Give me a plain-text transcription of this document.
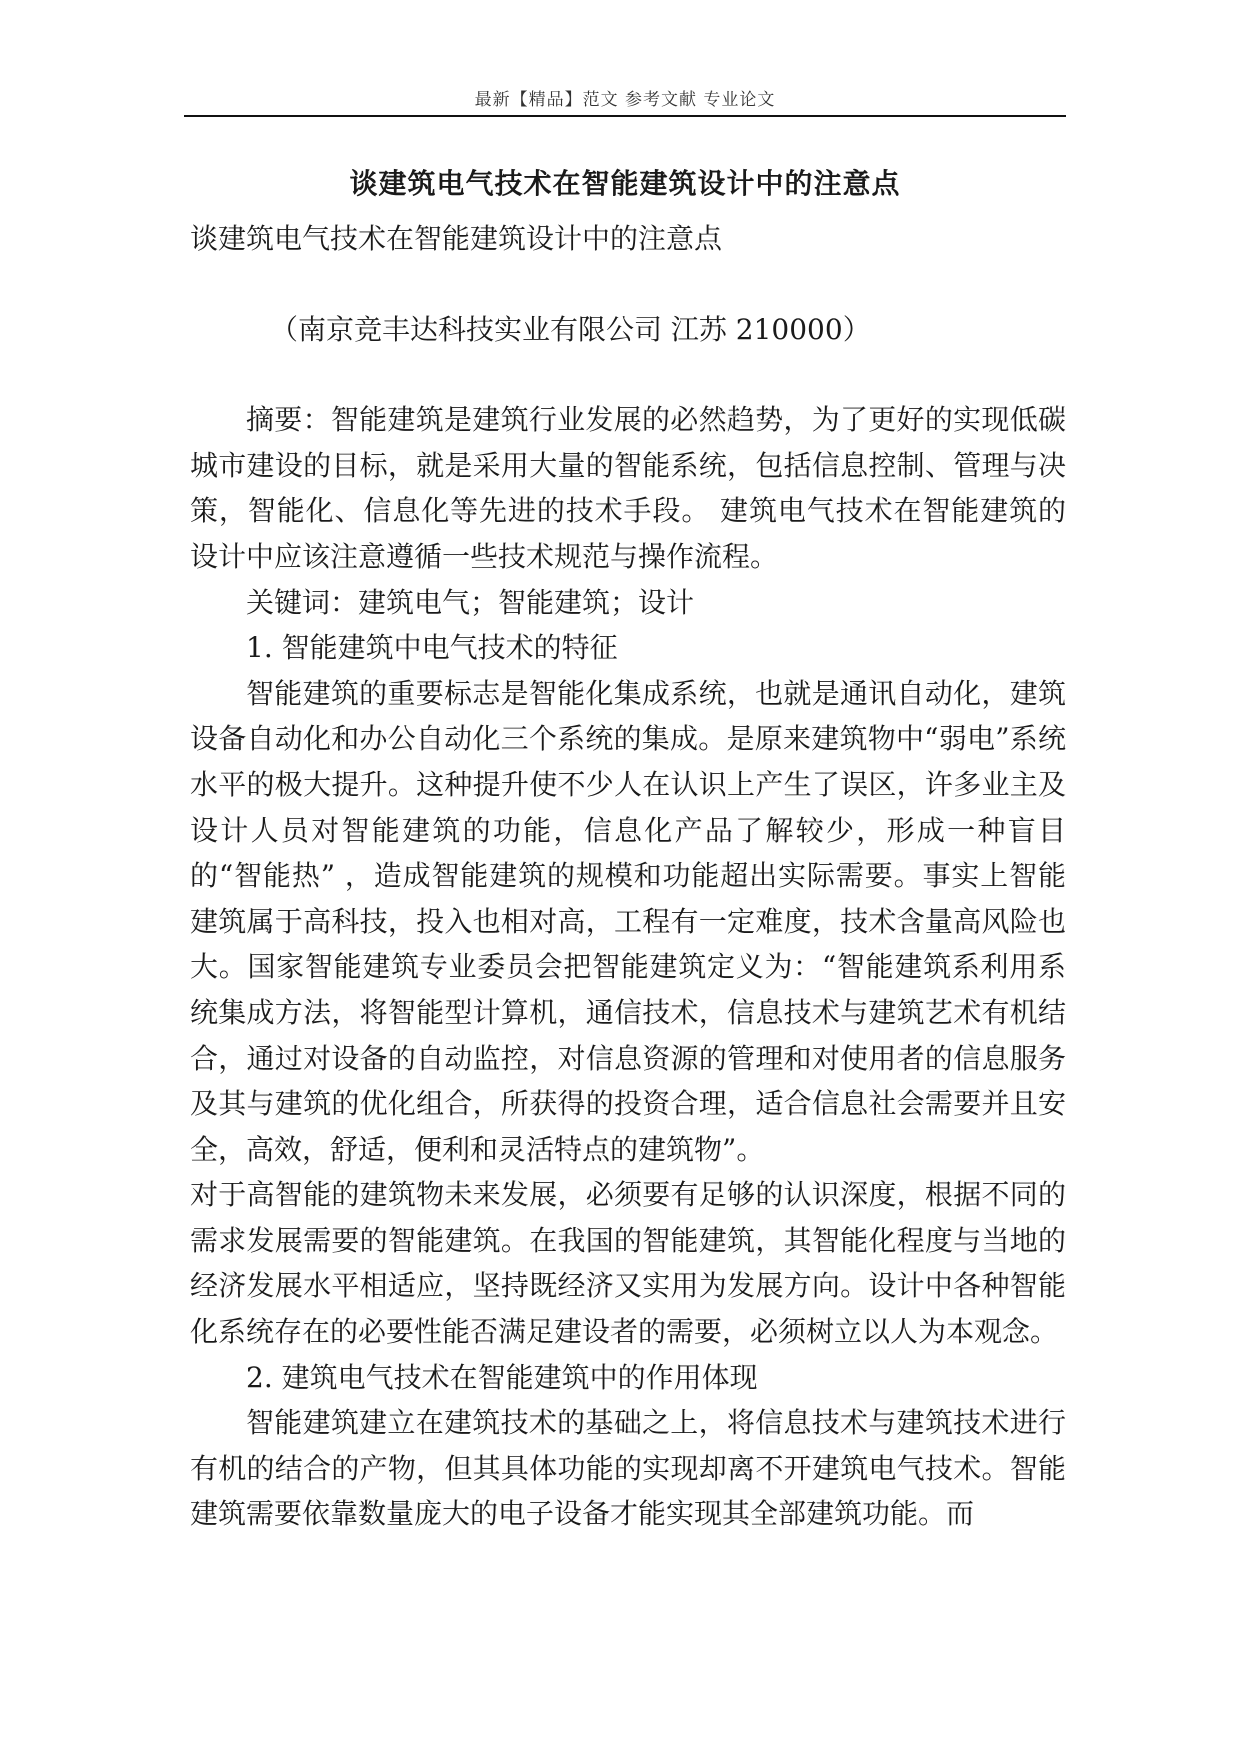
最新【精品】范文 参考文献 专业论文
谈建筑电气技术在智能建筑设计中的注意点

谈建筑电气技术在智能建筑设计中的注意点

（南京竞丰达科技实业有限公司 江苏 210000）

摘要：智能建筑是建筑行业发展的必然趋势，为了更好的实现低碳城市建设的目标，就是采用大量的智能系统，包括信息控制、管理与决策，智能化、信息化等先进的技术手段。 建筑电气技术在智能建筑的设计中应该注意遵循一些技术规范与操作流程。

关键词：建筑电气；智能建筑；设计

1. 智能建筑中电气技术的特征

智能建筑的重要标志是智能化集成系统，也就是通讯自动化，建筑设备自动化和办公自动化三个系统的集成。是原来建筑物中“弱电”系统水平的极大提升。这种提升使不少人在认识上产生了误区，许多业主及设计人员对智能建筑的功能，信息化产品了解较少，形成一种盲目的“智能热” ，造成智能建筑的规模和功能超出实际需要。事实上智能建筑属于高科技，投入也相对高，工程有一定难度，技术含量高风险也大。国家智能建筑专业委员会把智能建筑定义为：“智能建筑系利用系统集成方法，将智能型计算机，通信技术，信息技术与建筑艺术有机结合，通过对设备的自动监控，对信息资源的管理和对使用者的信息服务及其与建筑的优化组合，所获得的投资合理，适合信息社会需要并且安全，高效，舒适，便利和灵活特点的建筑物”。

对于高智能的建筑物未来发展，必须要有足够的认识深度，根据不同的需求发展需要的智能建筑。在我国的智能建筑，其智能化程度与当地的经济发展水平相适应，坚持既经济又实用为发展方向。设计中各种智能化系统存在的必要性能否满足建设者的需要，必须树立以人为本观念。

2. 建筑电气技术在智能建筑中的作用体现

智能建筑建立在建筑技术的基础之上，将信息技术与建筑技术进行有机的结合的产物，但其具体功能的实现却离不开建筑电气技术。智能建筑需要依靠数量庞大的电子设备才能实现其全部建筑功能。而
